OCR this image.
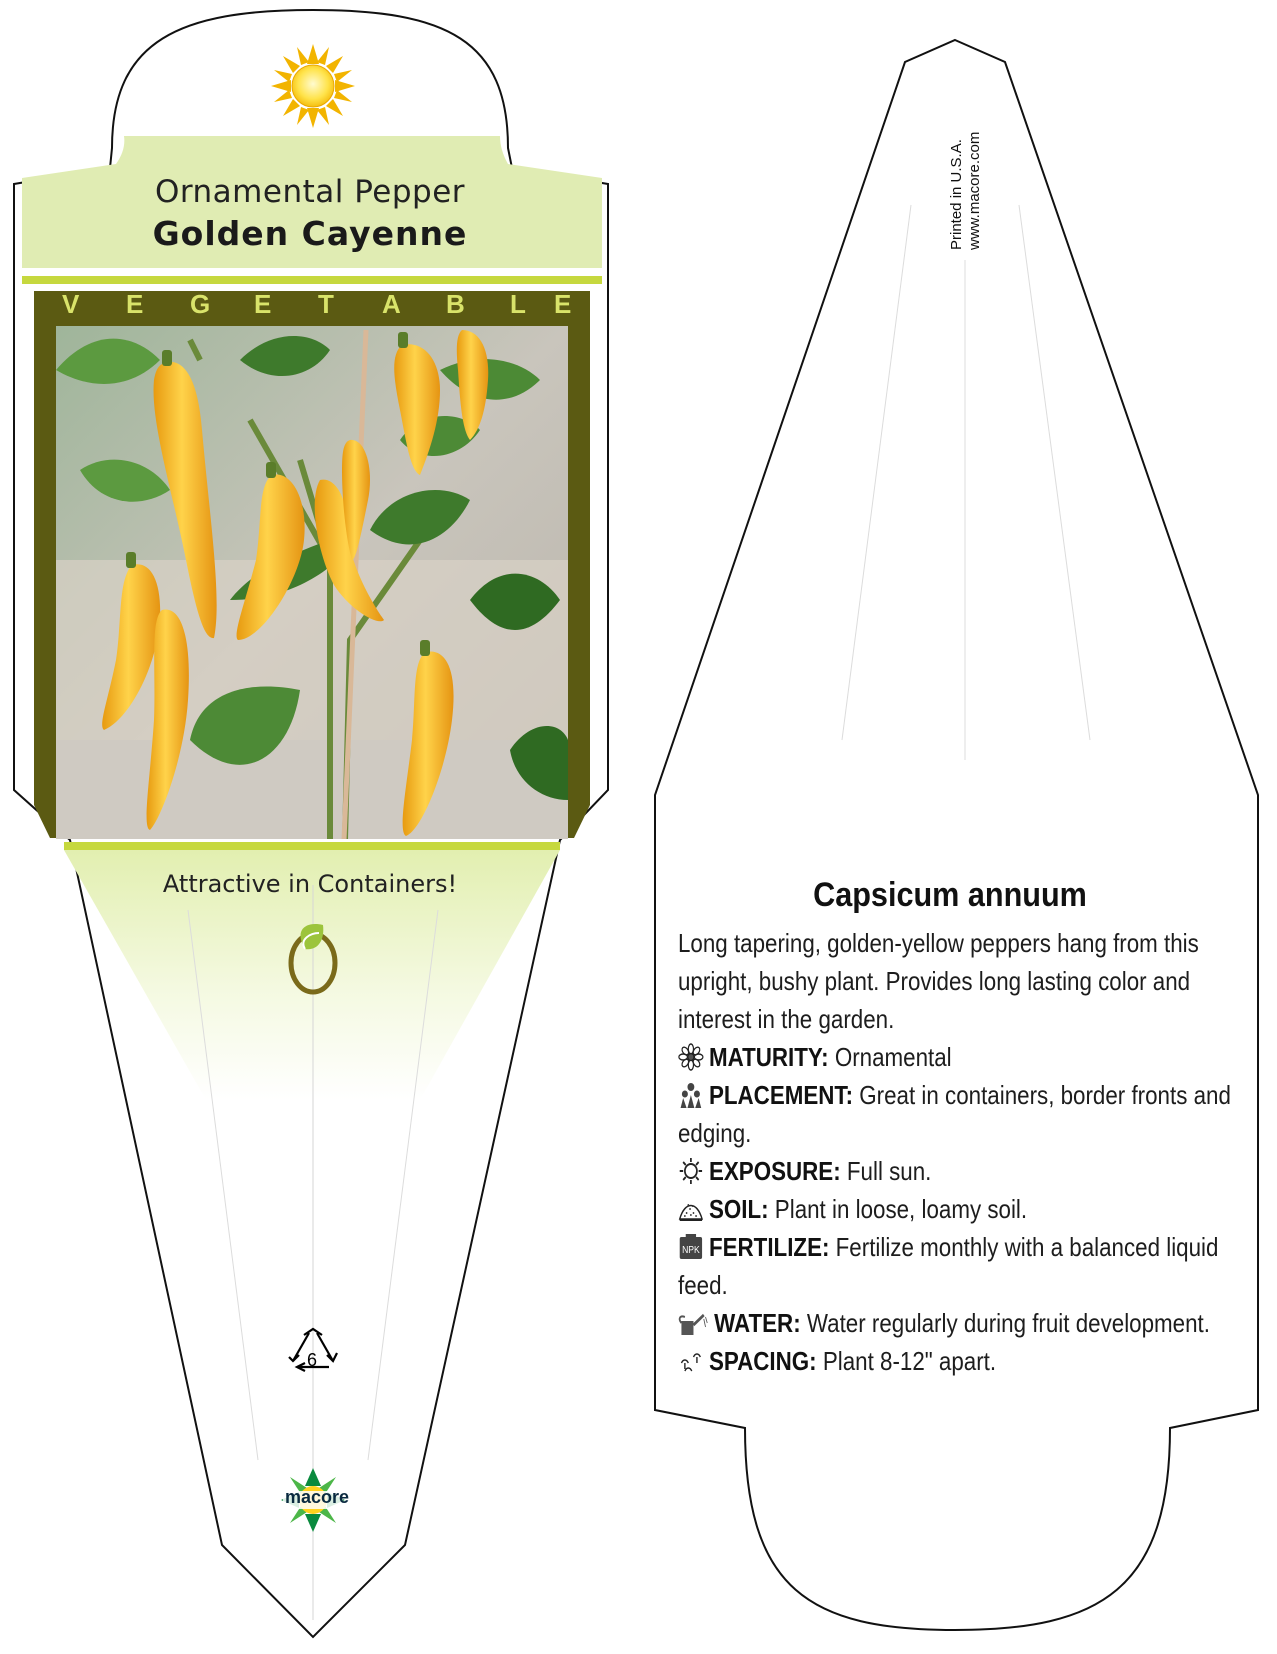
Ornamental Pepper
Golden Cayenne
V E G E T A B L E
Attractive in Containers!
6
macore
Printed in U.S.A. www.macore.com
Capsicum annuum

Long tapering, golden-yellow peppers hang from this upright, bushy plant. Provides long lasting color and interest in the garden.

MATURITY: Ornamental

PLACEMENT: Great in containers, border fronts and edging.

EXPOSURE: Full sun.

SOIL: Plant in loose, loamy soil.

NPK FERTILIZE: Fertilize monthly with a balanced liquid feed.

WATER: Water regularly during fruit development.

SPACING: Plant 8-12" apart.
